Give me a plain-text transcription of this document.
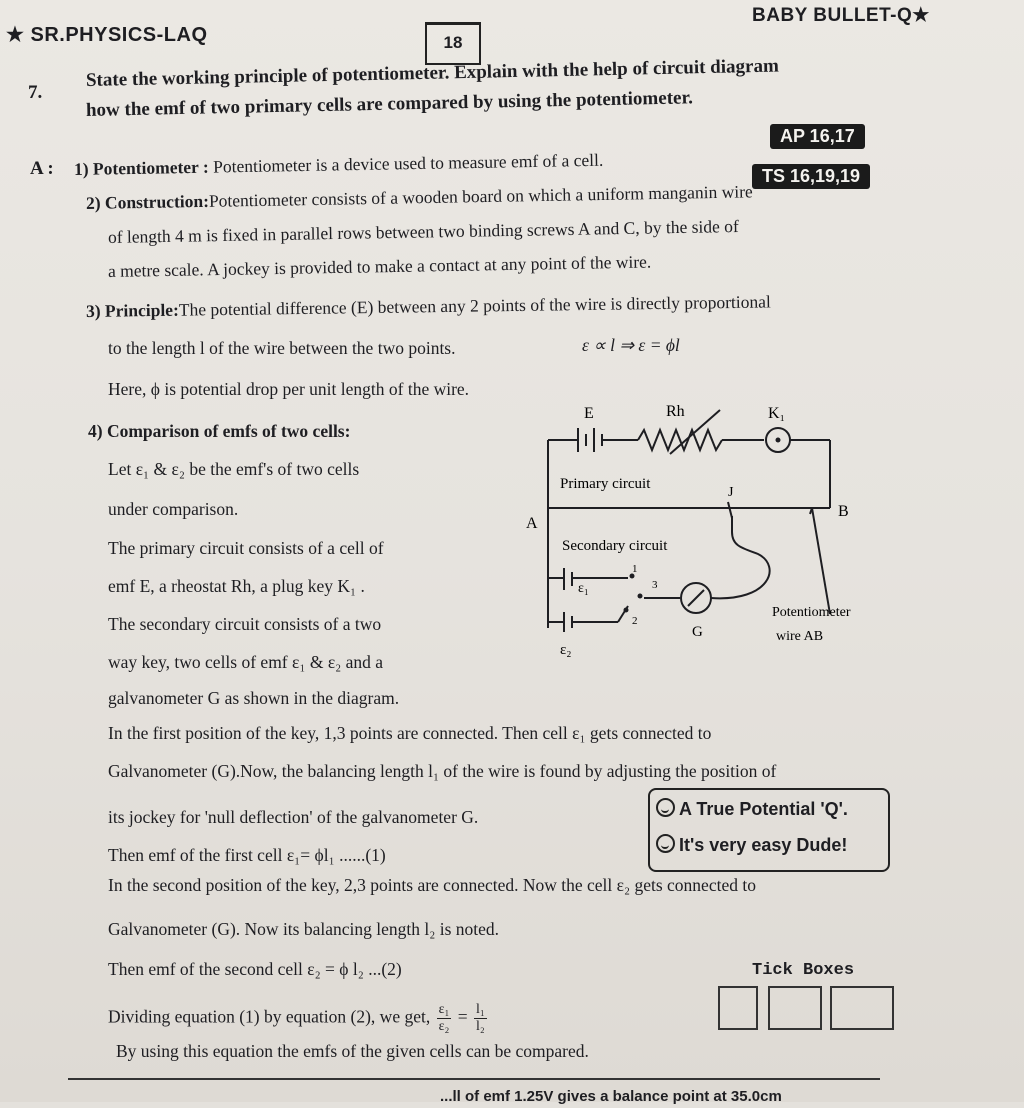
★ SR.PHYSICS-LAQ	18
BABY BULLET-Q★
7.
State the working principle of potentiometer. Explain with the help of circuit diagram
how the emf of two primary cells are compared by using the potentiometer.
AP 16,17
TS 16,19,19
A : 1) Potentiometer : Potentiometer is a device used to measure emf of a cell.
2) Construction:Potentiometer consists of a wooden board on which a uniform manganin wire
of length 4 m is fixed in parallel rows between two binding screws A and C, by the side of
a metre scale. A jockey is provided to make a contact at any point of the wire.
3) Principle:The potential difference (E) between any 2 points of the wire is directly proportional
to the length l of the wire between the two points.	ε ∝ l ⇒ ε = ϕl
Here, ϕ is potential drop per unit length of the wire.
4) Comparison of emfs of two cells:
Let ε₁ & ε₂ be the emf's of two cells
under comparison.
The primary circuit consists of a cell of
emf E, a rheostat Rh, a plug key K₁ .
The secondary circuit consists of a two
way key, two cells of emf ε₁ & ε₂ and a
galvanometer G as shown in the diagram.
E	Rh	K₁
Primary circuit
A
B
J
Secondary circuit
ε₁
ε₂
1
2
3
G
Potentiometer
wire AB
In the first position of the key, 1,3 points are connected. Then cell ε₁ gets connected to
Galvanometer (G).Now, the balancing length l₁ of the wire is found by adjusting the position of
its jockey for 'null deflection' of the galvanometer G.
Then emf of the first cell ε₁= ϕl₁ ......(1)
In the second position of the key, 2,3 points are connected. Now the cell ε₂ gets connected to
Galvanometer (G). Now its balancing length l₂ is noted.
Then emf of the second cell ε₂ = ϕ l₂ ...(2)
A True Potential 'Q'.
It's very easy Dude!
Tick Boxes
Dividing equation (1) by equation (2), we get, $\frac{\text{ε₁}}{\text{ε₂}} = \frac{\text{l₁}}{\text{l₂}}$
By using this equation the emfs of the given cells can be compared.
...ll of emf 1.25V gives a balance point at 35.0cm
